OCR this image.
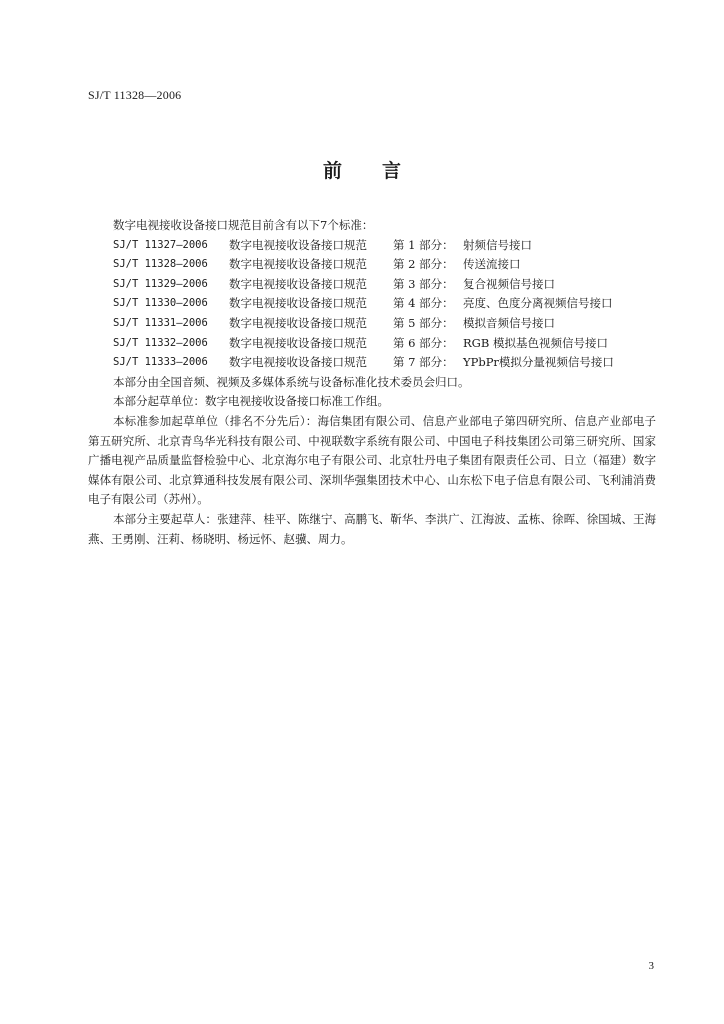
SJ/T 11328—2006
前言

数字电视接收设备接口规范目前含有以下7个标准：

SJ/T 11327—2006	数字电视接收设备接口规范	第 1 部分： 射频信号接口
SJ/T 11328—2006	数字电视接收设备接口规范	第 2 部分： 传送流接口
SJ/T 11329—2006	数字电视接收设备接口规范	第 3 部分： 复合视频信号接口
SJ/T 11330—2006	数字电视接收设备接口规范	第 4 部分： 亮度、色度分离视频信号接口
SJ/T 11331—2006	数字电视接收设备接口规范	第 5 部分： 模拟音频信号接口
SJ/T 11332—2006	数字电视接收设备接口规范	第 6 部分： RGB 模拟基色视频信号接口
SJ/T 11333—2006	数字电视接收设备接口规范	第 7 部分： YPbPr模拟分量视频信号接口

本部分由全国音频、视频及多媒体系统与设备标准化技术委员会归口。

本部分起草单位：数字电视接收设备接口标准工作组。

本标准参加起草单位（排名不分先后）：海信集团有限公司、信息产业部电子第四研究所、信息产业部电子第五研究所、北京青鸟华光科技有限公司、中视联数字系统有限公司、中国电子科技集团公司第三研究所、国家广播电视产品质量监督检验中心、北京海尔电子有限公司、北京牡丹电子集团有限责任公司、日立（福建）数字媒体有限公司、北京算通科技发展有限公司、深圳华强集团技术中心、山东松下电子信息有限公司、飞利浦消费电子有限公司（苏州）。

本部分主要起草人：张建萍、桂平、陈继宁、高鹏飞、靳华、李洪广、江海波、孟栋、徐晖、徐国城、王海燕、王勇刚、汪莉、杨晓明、杨远怀、赵骥、周力。

3
